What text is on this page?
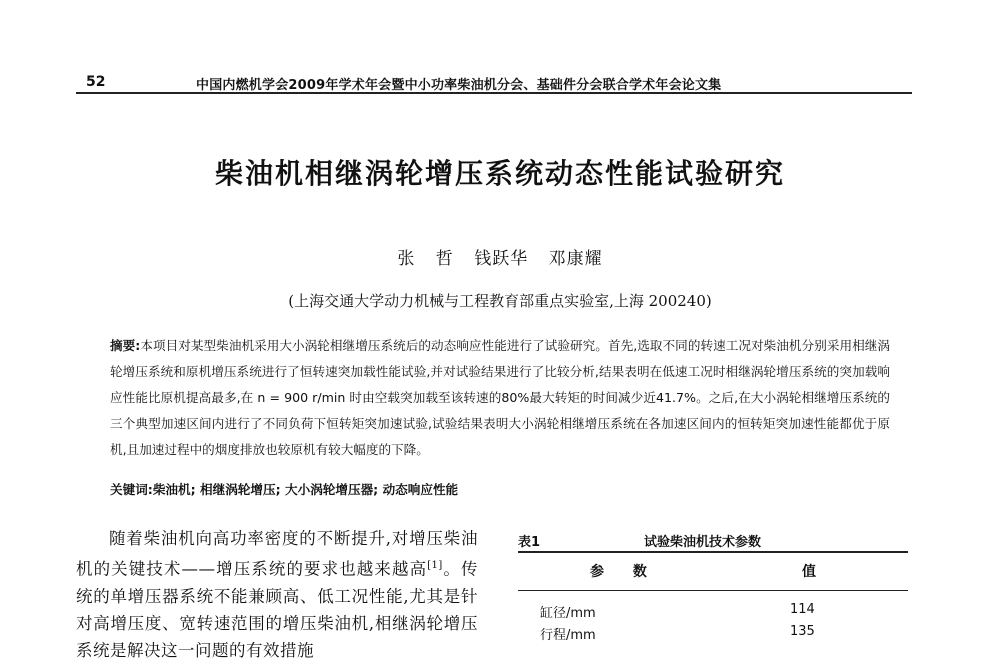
52	中国内燃机学会2009年学术年会暨中小功率柴油机分会、基础件分会联合学术年会论文集
柴油机相继涡轮增压系统动态性能试验研究
张 哲 钱跃华 邓康耀
(上海交通大学动力机械与工程教育部重点实验室,上海 200240)
摘要:本项目对某型柴油机采用大小涡轮相继增压系统后的动态响应性能进行了试验研究。首先,选取不同的转速工况对柴油机分别采用相继涡轮增压系统和原机增压系统进行了恒转速突加载性能试验,并对试验结果进行了比较分析,结果表明在低速工况时相继涡轮增压系统的突加载响应性能比原机提高最多,在 n = 900 r/min 时由空载突加载至该转速的80%最大转矩的时间减少近41.7%。之后,在大小涡轮相继增压系统的三个典型加速区间内进行了不同负荷下恒转矩突加速试验,试验结果表明大小涡轮相继增压系统在各加速区间内的恒转矩突加速性能都优于原机,且加速过程中的烟度排放也较原机有较大幅度的下降。
关键词:柴油机; 相继涡轮增压; 大小涡轮增压器; 动态响应性能

随着柴油机向高功率密度的不断提升,对增压柴油机的关键技术——增压系统的要求也越来越高[1]。传统的单增压器系统不能兼顾高、低工况性能,尤其是针对高增压度、宽转速范围的增压柴油机,相继涡轮增压系统是解决这一问题的有效措施

表1	试验柴油机技术参数
参 数	值
缸径/mm	114
行程/mm	135
